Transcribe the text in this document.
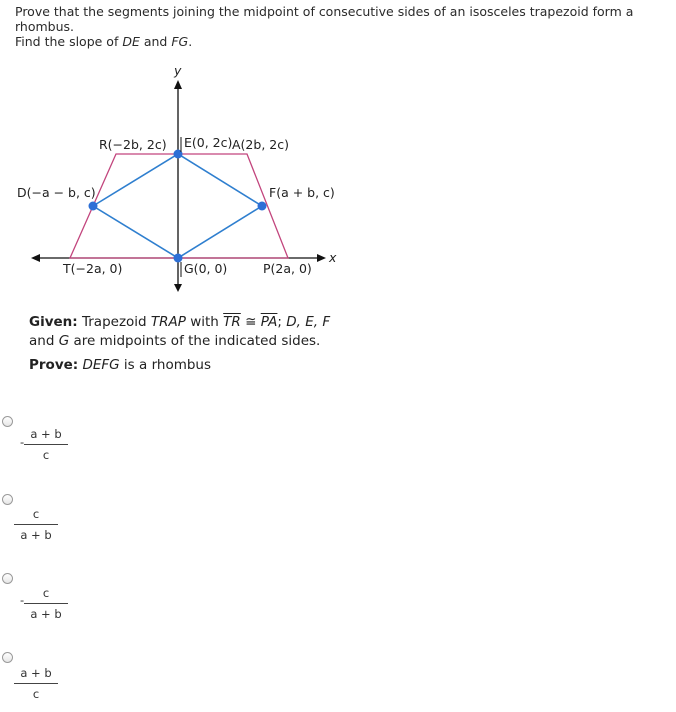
Prove that the segments joining the midpoint of consecutive sides of an isosceles trapezoid form a rhombus.
Find the slope of DE and FG.
y
x
R(−2b, 2c) E(0, 2c) A(2b, 2c)
D(−a − b, c)	F(a + b, c)
T(−2a, 0)	G(0, 0)	P(2a, 0)
Given: Trapezoid TRAP with $\overline{TR}$ ≅ $\overline{PA}$; D, E, F and G are midpoints of the indicated sides.
Prove: DEFG is a rhombus
-
a + b
c
c
a + b
-	c
a + b
a + b
c
